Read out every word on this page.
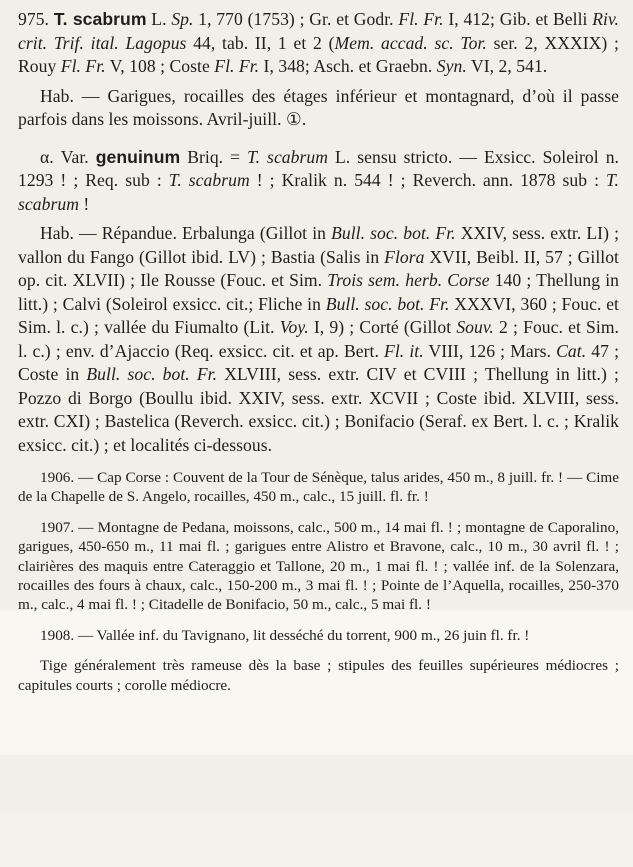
975. T. scabrum L. Sp. 1, 770 (1753) ; Gr. et Godr. Fl. Fr. I, 412; Gib. et Belli Riv. crit. Trif. ital. Lagopus 44, tab. II, 1 et 2 (Mem. accad. sc. Tor. ser. 2, XXXIX) ; Rouy Fl. Fr. V, 108 ; Coste Fl. Fr. I, 348; Asch. et Graebn. Syn. VI, 2, 541.

Hab. — Garigues, rocailles des étages inférieur et montagnard, d’où il passe parfois dans les moissons. Avril-juill. ①.

α. Var. genuinum Briq. = T. scabrum L. sensu stricto. — Exsicc. Soleirol n. 1293 ! ; Req. sub : T. scabrum ! ; Kralik n. 544 ! ; Reverch. ann. 1878 sub : T. scabrum !

Hab. — Répandue. Erbalunga (Gillot in Bull. soc. bot. Fr. XXIV, sess. extr. LI) ; vallon du Fango (Gillot ibid. LV) ; Bastia (Salis in Flora XVII, Beibl. II, 57 ; Gillot op. cit. XLVII) ; Ile Rousse (Fouc. et Sim. Trois sem. herb. Corse 140 ; Thellung in litt.) ; Calvi (Soleirol exsicc. cit.; Fliche in Bull. soc. bot. Fr. XXXVI, 360 ; Fouc. et Sim. l. c.) ; vallée du Fiumalto (Lit. Voy. I, 9) ; Corté (Gillot Souv. 2 ; Fouc. et Sim. l. c.) ; env. d’Ajaccio (Req. exsicc. cit. et ap. Bert. Fl. it. VIII, 126 ; Mars. Cat. 47 ; Coste in Bull. soc. bot. Fr. XLVIII, sess. extr. CIV et CVIII ; Thellung in litt.) ; Pozzo di Borgo (Boullu ibid. XXIV, sess. extr. XCVII ; Coste ibid. XLVIII, sess. extr. CXI) ; Bastelica (Reverch. exsicc. cit.) ; Bonifacio (Seraf. ex Bert. l. c. ; Kralik exsicc. cit.) ; et localités ci-dessous.

1906. — Cap Corse : Couvent de la Tour de Sénèque, talus arides, 450 m., 8 juill. fr. ! — Cime de la Chapelle de S. Angelo, rocailles, 450 m., calc., 15 juill. fl. fr. !

1907. — Montagne de Pedana, moissons, calc., 500 m., 14 mai fl. ! ; montagne de Caporalino, garigues, 450-650 m., 11 mai fl. ; garigues entre Alistro et Bravone, calc., 10 m., 30 avril fl. ! ; clairières des maquis entre Cateraggio et Tallone, 20 m., 1 mai fl. ! ; vallée inf. de la Solenzara, rocailles des fours à chaux, calc., 150-200 m., 3 mai fl. ! ; Pointe de l’Aquella, rocailles, 250-370 m., calc., 4 mai fl. ! ; Citadelle de Bonifacio, 50 m., calc., 5 mai fl. !

1908. — Vallée inf. du Tavignano, lit desséché du torrent, 900 m., 26 juin fl. fr. !

Tige généralement très rameuse dès la base ; stipules des feuilles supérieures médiocres ; capitules courts ; corolle médiocre.
